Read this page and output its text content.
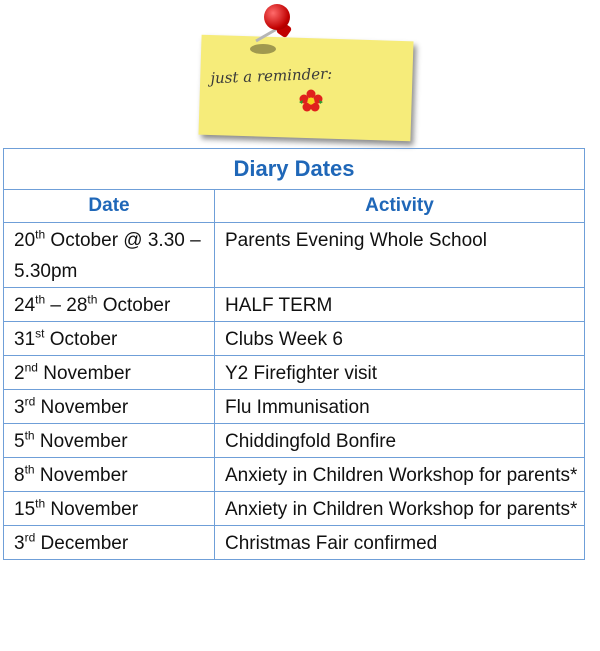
just a reminder:
Diary Dates	
Date	Activity
20th October @ 3.30 – 5.30pm	Parents Evening Whole School
24th – 28th October	HALF TERM
31st October	Clubs Week 6
2nd November	Y2 Firefighter visit
3rd November	Flu Immunisation
5th November	Chiddingfold Bonfire
8th November	Anxiety in Children Workshop for parents*
15th November	Anxiety in Children Workshop for parents*
3rd December	Christmas Fair confirmed
